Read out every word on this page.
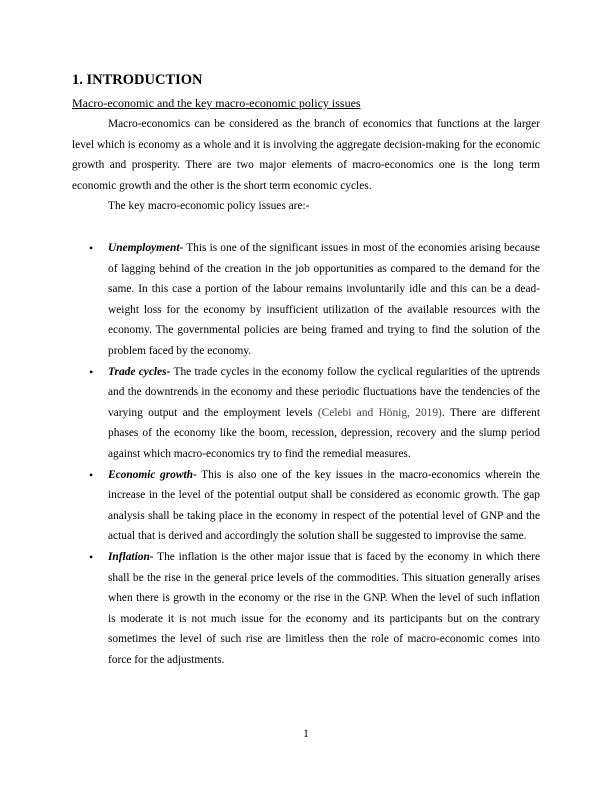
1. INTRODUCTION

Macro-economic and the key macro-economic policy issues

Macro-economics can be considered as the branch of economics that functions at the larger level which is economy as a whole and it is involving the aggregate decision-making for the economic growth and prosperity. There are two major elements of macro-economics one is the long term economic growth and the other is the short term economic cycles.

The key macro-economic policy issues are:-

•	Unemployment- This is one of the significant issues in most of the economies arising because of lagging behind of the creation in the job opportunities as compared to the demand for the same. In this case a portion of the labour remains involuntarily idle and this can be a dead-weight loss for the economy by insufficient utilization of the available resources with the economy. The governmental policies are being framed and trying to find the solution of the problem faced by the economy.
•	Trade cycles- The trade cycles in the economy follow the cyclical regularities of the uptrends and the downtrends in the economy and these periodic fluctuations have the tendencies of the varying output and the employment levels (Celebi and Hönig, 2019). There are different phases of the economy like the boom, recession, depression, recovery and the slump period against which macro-economics try to find the remedial measures.
•	Economic growth- This is also one of the key issues in the macro-economics wherein the increase in the level of the potential output shall be considered as economic growth. The gap analysis shall be taking place in the economy in respect of the potential level of GNP and the actual that is derived and accordingly the solution shall be suggested to improvise the same.
•	Inflation- The inflation is the other major issue that is faced by the economy in which there shall be the rise in the general price levels of the commodities. This situation generally arises when there is growth in the economy or the rise in the GNP. When the level of such inflation is moderate it is not much issue for the economy and its participants but on the contrary sometimes the level of such rise are limitless then the role of macro-economic comes into force for the adjustments.
1
